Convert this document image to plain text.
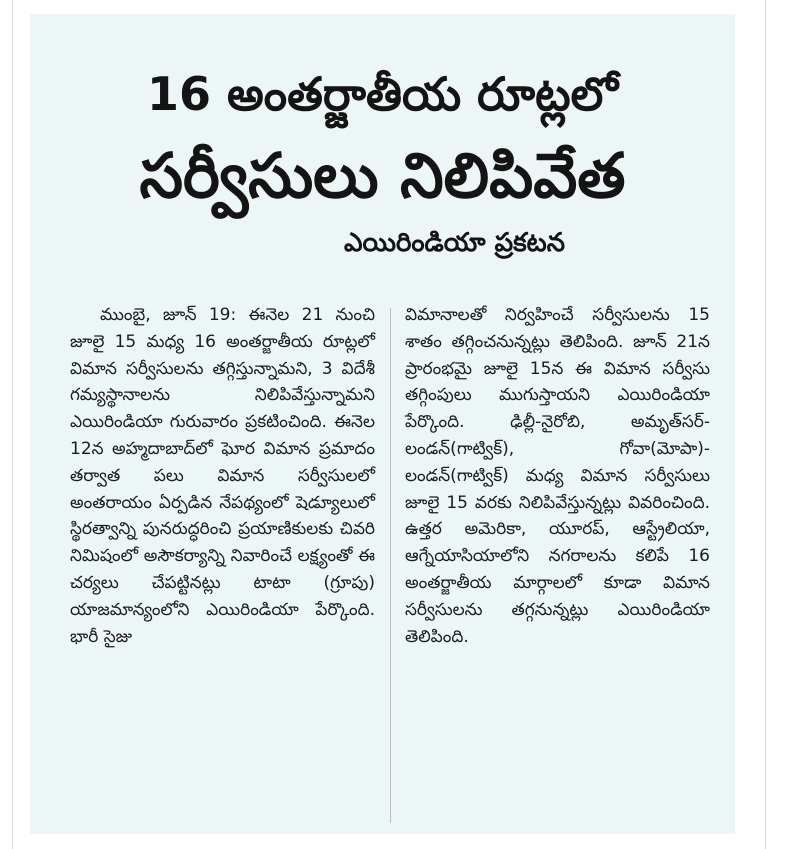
16 అంతర్జాతీయ రూట్లలో
సర్వీసులు నిలిపివేత
ఎయిరిండియా ప్రకటన

ముంబై, జూన్ 19: ఈనెల 21 నుంచి జూలై 15 మధ్య 16 అంతర్జాతీయ రూట్లలో విమాన సర్వీసులను తగ్గిస్తున్నామని, 3 విదేశీ గమ్యస్థానాలను నిలిపివేస్తున్నామని ఎయిరిండియా గురువారం ప్రకటించింది. ఈనెల 12న అహ్మదాబాద్‌లో ఘోర విమాన ప్రమాదం తర్వాత పలు విమాన సర్వీసులలో అంతరాయం ఏర్పడిన నేపథ్యంలో షెడ్యూలులో స్థిరత్వాన్ని పునరుద్ధరించి ప్రయాణికులకు చివరి నిమిషంలో అసౌకర్యాన్ని నివారించే లక్ష్యంతో ఈ చర్యలు చేపట్టినట్లు టాటా (గ్రూపు) యాజమాన్యంలోని ఎయిరిండియా పేర్కొంది. భారీ సైజు

విమానాలతో నిర్వహించే సర్వీసులను 15 శాతం తగ్గించనున్నట్లు తెలిపింది. జూన్ 21న ప్రారంభమై జూలై 15న ఈ విమాన సర్వీసు తగ్గింపులు ముగుస్తాయని ఎయిరిండియా పేర్కొంది. ఢిల్లీ-నైరోబి, అమృత్‌సర్-లండన్(గాట్విక్), గోవా(మోపా)-లండన్(గాట్విక్) మధ్య విమాన సర్వీసులు జూలై 15 వరకు నిలిపివేస్తున్నట్లు వివరించింది. ఉత్తర అమెరికా, యూరప్, ఆస్ట్రేలియా, ఆగ్నేయాసియాలోని నగరాలను కలిపే 16 అంతర్జాతీయ మార్గాలలో కూడా విమాన సర్వీసులను తగ్గనున్నట్లు ఎయిరిండియా తెలిపింది.
